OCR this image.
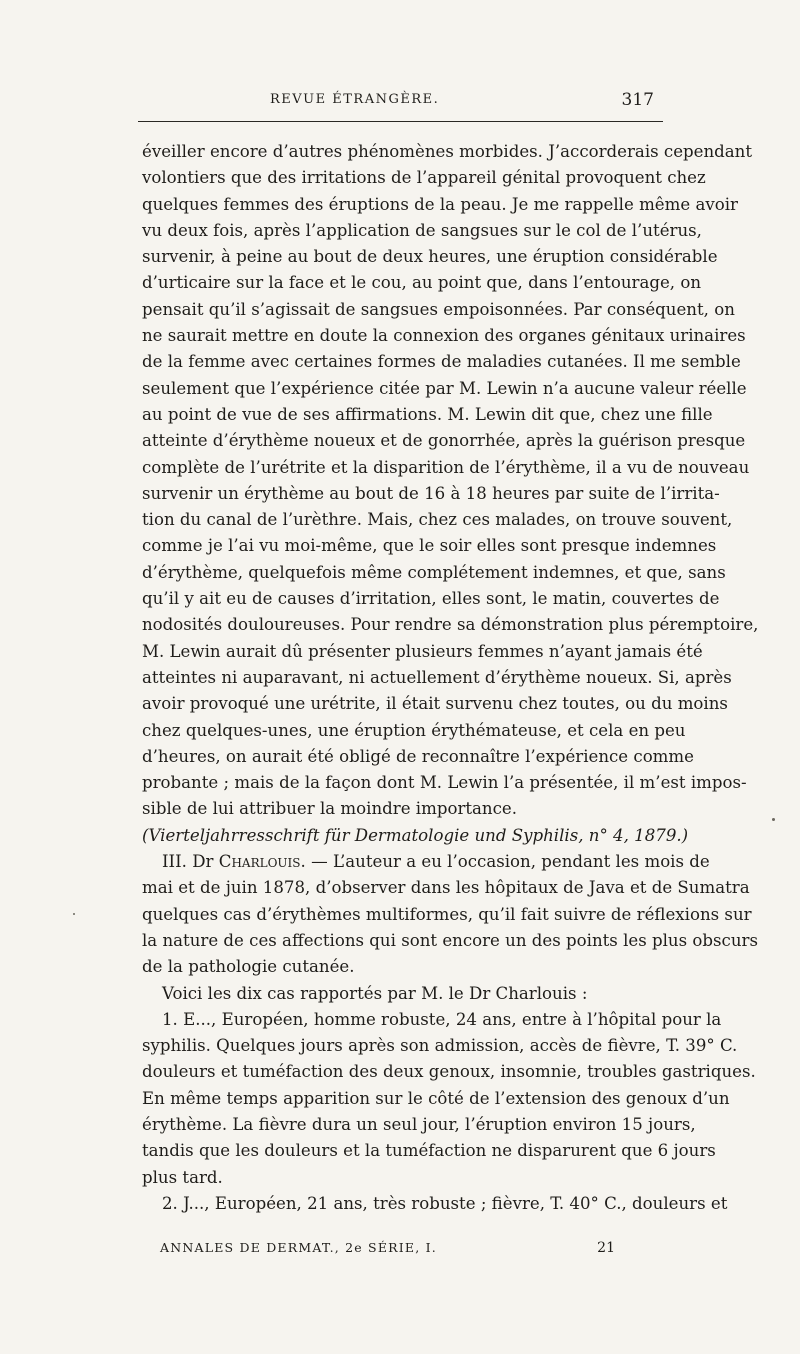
REVUE ÉTRANGÈRE.	317
éveiller encore d’autres phénomènes morbides. J’accorderais cependant
volontiers que des irritations de l’appareil génital provoquent chez
quelques femmes des éruptions de la peau. Je me rappelle même avoir
vu deux fois, après l’application de sangsues sur le col de l’utérus,
survenir, à peine au bout de deux heures, une éruption considérable
d’urticaire sur la face et le cou, au point que, dans l’entourage, on
pensait qu’il s’agissait de sangsues empoisonnées. Par conséquent, on
ne saurait mettre en doute la connexion des organes génitaux urinaires
de la femme avec certaines formes de maladies cutanées. Il me semble
seulement que l’expérience citée par M. Lewin n’a aucune valeur réelle
au point de vue de ses affirmations. M. Lewin dit que, chez une fille
atteinte d’érythème noueux et de gonorrhée, après la guérison presque
complète de l’urétrite et la disparition de l’érythème, il a vu de nouveau
survenir un érythème au bout de 16 à 18 heures par suite de l’irrita-
tion du canal de l’urèthre. Mais, chez ces malades, on trouve souvent,
comme je l’ai vu moi-même, que le soir elles sont presque indemnes
d’érythème, quelquefois même complétement indemnes, et que, sans
qu’il y ait eu de causes d’irritation, elles sont, le matin, couvertes de
nodosités douloureuses. Pour rendre sa démonstration plus péremptoire,
M. Lewin aurait dû présenter plusieurs femmes n’ayant jamais été
atteintes ni auparavant, ni actuellement d’érythème noueux. Si, après
avoir provoqué une urétrite, il était survenu chez toutes, ou du moins
chez quelques-unes, une éruption érythémateuse, et cela en peu
d’heures, on aurait été obligé de reconnaître l’expérience comme
probante ; mais de la façon dont M. Lewin l’a présentée, il m’est impos-
sible de lui attribuer la moindre importance.
(Vierteljahrresschrift für Dermatologie und Syphilis, n° 4, 1879.)
III. Dr Charlouis. — L’auteur a eu l’occasion, pendant les mois de
mai et de juin 1878, d’observer dans les hôpitaux de Java et de Sumatra
quelques cas d’érythèmes multiformes, qu’il fait suivre de réflexions sur
la nature de ces affections qui sont encore un des points les plus obscurs
de la pathologie cutanée.
Voici les dix cas rapportés par M. le Dr Charlouis :
1. E..., Européen, homme robuste, 24 ans, entre à l’hôpital pour la
syphilis. Quelques jours après son admission, accès de fièvre, T. 39° C.
douleurs et tuméfaction des deux genoux, insomnie, troubles gastriques.
En même temps apparition sur le côté de l’extension des genoux d’un
érythème. La fièvre dura un seul jour, l’éruption environ 15 jours,
tandis que les douleurs et la tuméfaction ne disparurent que 6 jours
plus tard.
2. J..., Européen, 21 ans, très robuste ; fièvre, T. 40° C., douleurs et
ANNALES DE DERMAT., 2e SÉRIE, I.	21
